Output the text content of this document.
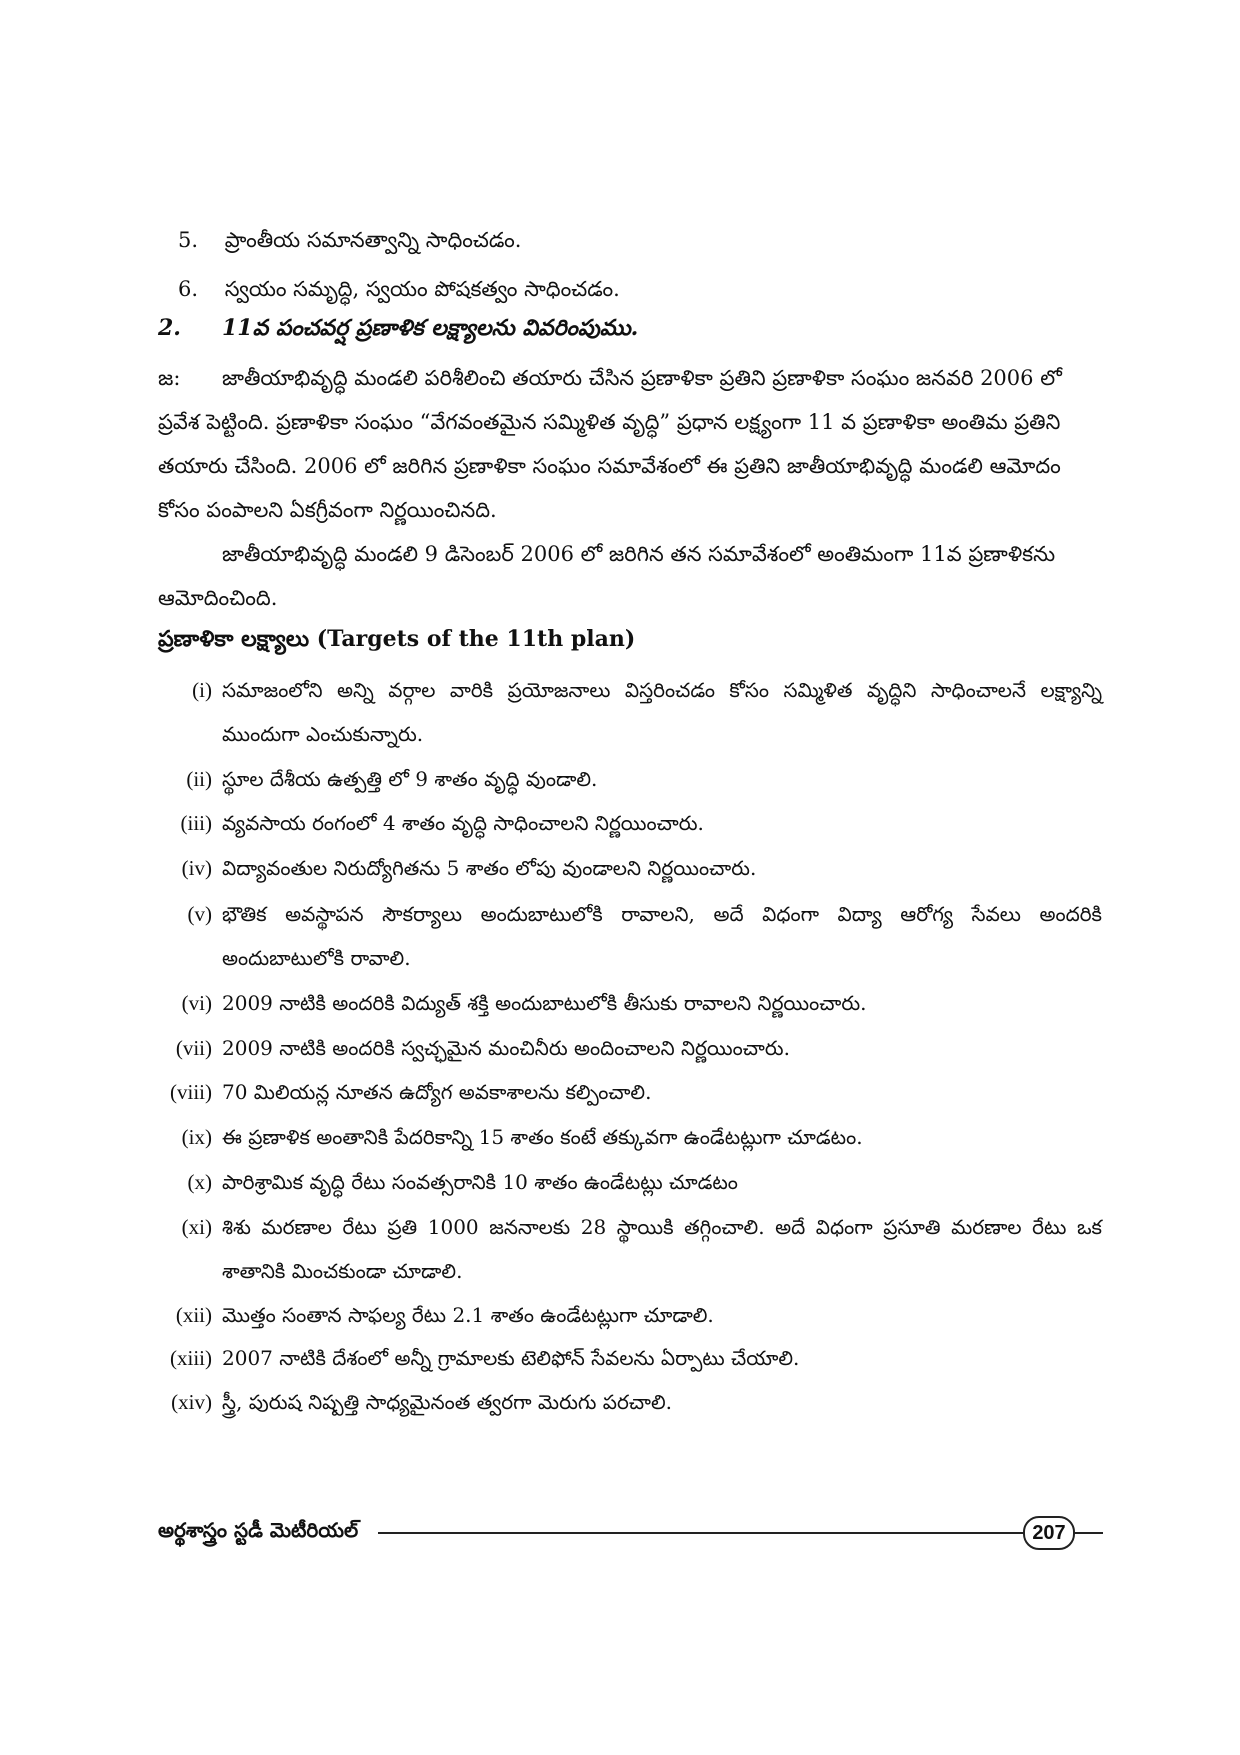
5. ప్రాంతీయ సమానత్వాన్ని సాధించడం.
6. స్వయం సమృద్ధి, స్వయం పోషకత్వం సాధించడం.
2. 11వ పంచవర్ష ప్రణాళిక లక్ష్యాలను వివరింపుము.
జ: జాతీయాభివృద్ధి మండలి పరిశీలించి తయారు చేసిన ప్రణాళికా ప్రతిని ప్రణాళికా సంఘం జనవరి 2006 లో
ప్రవేశ పెట్టింది. ప్రణాళికా సంఘం “వేగవంతమైన సమ్మిళిత వృద్ధి” ప్రధాన లక్ష్యంగా 11 వ ప్రణాళికా అంతిమ ప్రతిని
తయారు చేసింది. 2006 లో జరిగిన ప్రణాళికా సంఘం సమావేశంలో ఈ ప్రతిని జాతీయాభివృద్ధి మండలి ఆమోదం
కోసం పంపాలని ఏకగ్రీవంగా నిర్ణయించినది.
జాతీయాభివృద్ధి మండలి 9 డిసెంబర్ 2006 లో జరిగిన తన సమావేశంలో అంతిమంగా 11వ ప్రణాళికను
ఆమోదించింది.
ప్రణాళికా లక్ష్యాలు (Targets of the 11th plan)
(i) సమాజంలోని అన్ని వర్గాల వారికి ప్రయోజనాలు విస్తరించడం కోసం సమ్మిళిత వృద్ధిని సాధించాలనే లక్ష్యాన్ని ముందుగా ఎంచుకున్నారు.
(ii) స్థూల దేశీయ ఉత్పత్తి లో 9 శాతం వృద్ధి వుండాలి.
(iii) వ్యవసాయ రంగంలో 4 శాతం వృద్ధి సాధించాలని నిర్ణయించారు.
(iv) విద్యావంతుల నిరుద్యోగితను 5 శాతం లోపు వుండాలని నిర్ణయించారు.
(v) భౌతిక అవస్థాపన సౌకర్యాలు అందుబాటులోకి రావాలని, అదే విధంగా విద్యా ఆరోగ్య సేవలు అందరికి అందుబాటులోకి రావాలి.
(vi) 2009 నాటికి అందరికి విద్యుత్ శక్తి అందుబాటులోకి తీసుకు రావాలని నిర్ణయించారు.
(vii) 2009 నాటికి అందరికి స్వచ్ఛమైన మంచినీరు అందించాలని నిర్ణయించారు.
(viii) 70 మిలియన్ల నూతన ఉద్యోగ అవకాశాలను కల్పించాలి.
(ix) ఈ ప్రణాళిక అంతానికి పేదరికాన్ని 15 శాతం కంటే తక్కువగా ఉండేటట్లుగా చూడటం.
(x) పారిశ్రామిక వృద్ధి రేటు సంవత్సరానికి 10 శాతం ఉండేటట్లు చూడటం
(xi) శిశు మరణాల రేటు ప్రతి 1000 జననాలకు 28 స్థాయికి తగ్గించాలి. అదే విధంగా ప్రసూతి మరణాల రేటు ఒక శాతానికి మించకుండా చూడాలి.
(xii) మొత్తం సంతాన సాఫల్య రేటు 2.1 శాతం ఉండేటట్లుగా చూడాలి.
(xiii) 2007 నాటికి దేశంలో అన్నీ గ్రామాలకు టెలిఫోన్ సేవలను ఏర్పాటు చేయాలి.
(xiv) స్త్రీ, పురుష నిష్పత్తి సాధ్యమైనంత త్వరగా మెరుగు పరచాలి.
అర్థశాస్త్రం స్టడీ మెటీరియల్	207
